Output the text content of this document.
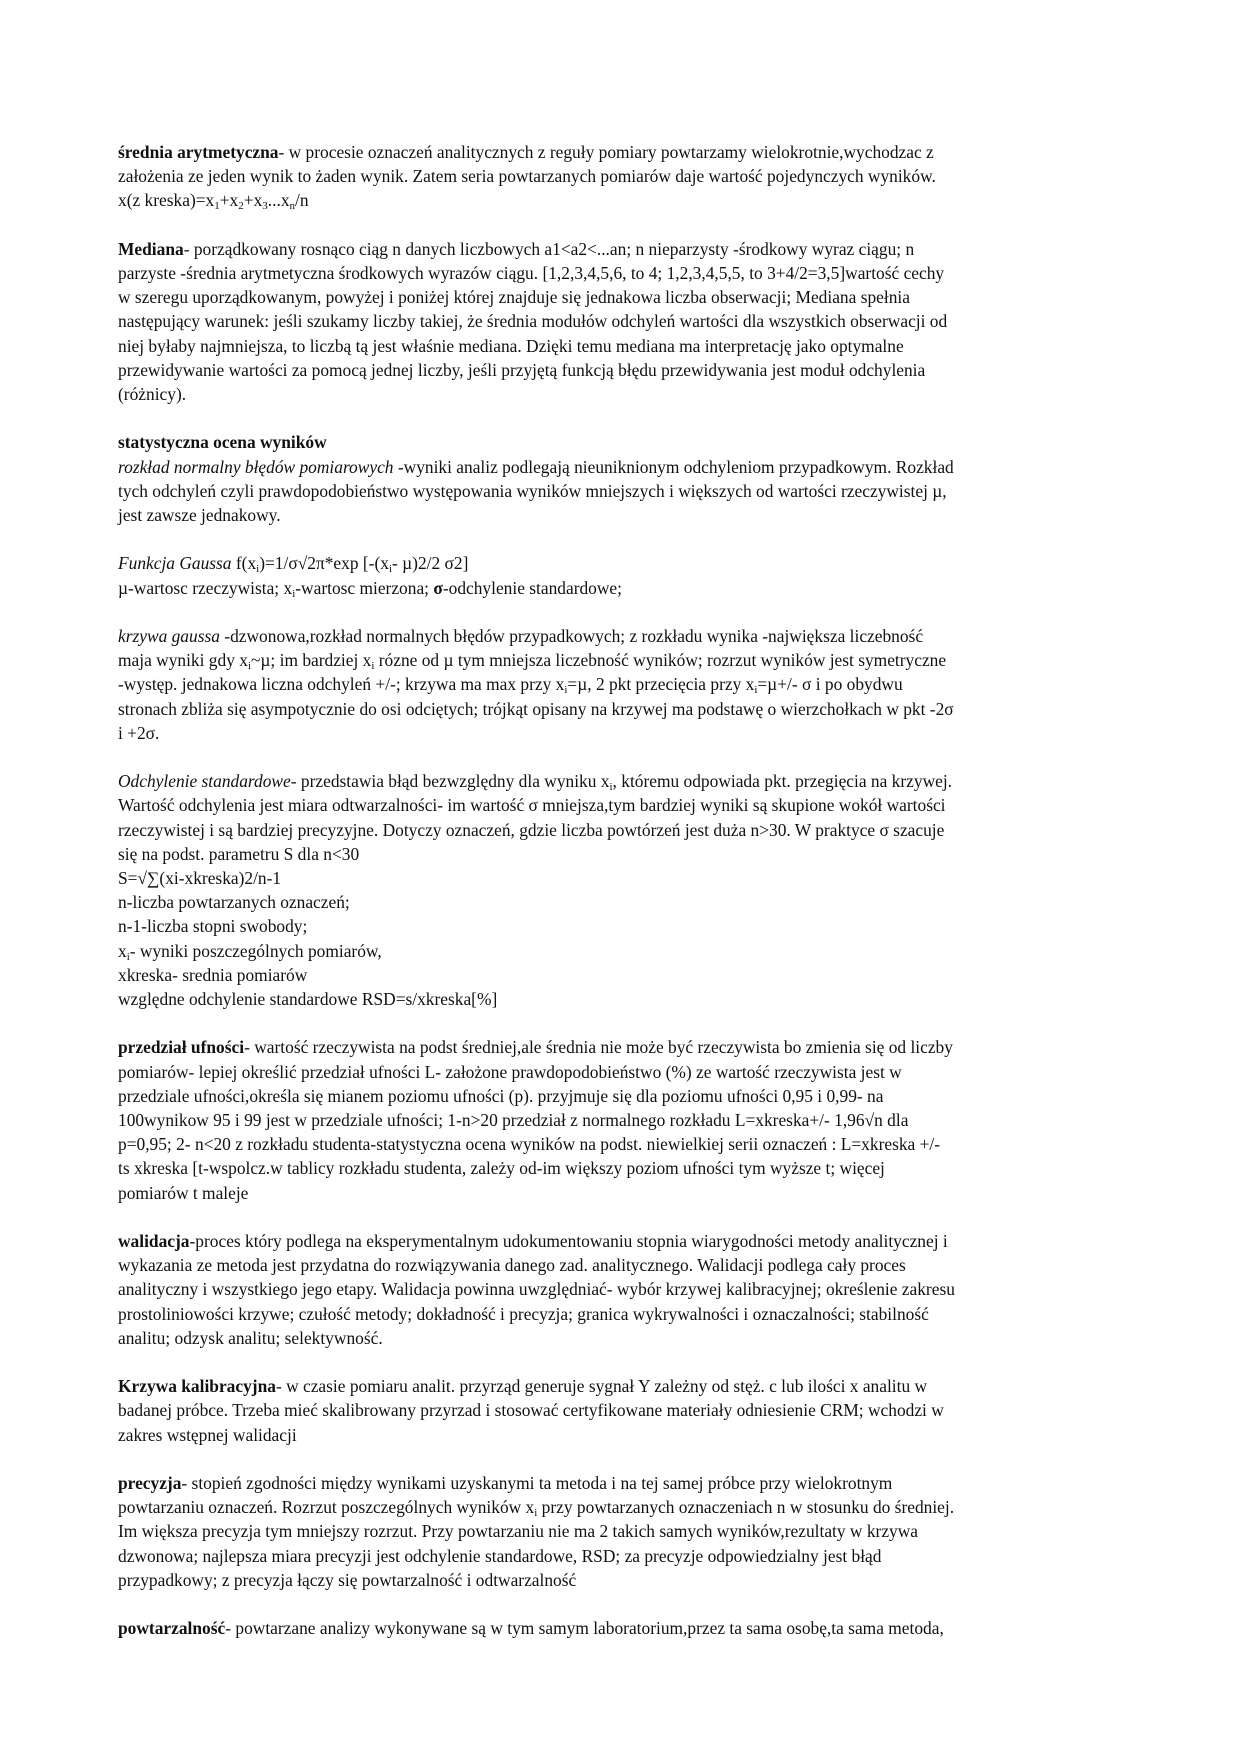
średnia arytmetyczna- w procesie oznaczeń analitycznych z reguły pomiary powtarzamy wielokrotnie,wychodzac z
założenia ze jeden wynik to żaden wynik. Zatem seria powtarzanych pomiarów daje wartość pojedynczych wyników.
x(z $kreska)=x_1+x_2+x_3...x_n/n$
Mediana- porządkowany rosnąco ciąg n danych liczbowych a1<a2<...an; n nieparzysty -środkowy wyraz ciągu; n
parzyste -średnia arytmetyczna środkowych wyrazów ciągu. [1,2,3,4,5,6, to 4; 1,2,3,4,5,5, to 3+4/2=3,5]wartość cechy
w szeregu uporządkowanym, powyżej i poniżej której znajduje się jednakowa liczba obserwacji; Mediana spełnia
następujący warunek: jeśli szukamy liczby takiej, że średnia modułów odchyleń wartości dla wszystkich obserwacji od
niej byłaby najmniejsza, to liczbą tą jest właśnie mediana. Dzięki temu mediana ma interpretację jako optymalne
przewidywanie wartości za pomocą jednej liczby, jeśli przyjętą funkcją błędu przewidywania jest moduł odchylenia
(różnicy).
statystyczna ocena wyników
rozkład normalny błędów pomiarowych -wyniki analiz podlegają nieuniknionym odchyleniom przypadkowym. Rozkład
tych odchyleń czyli prawdopodobieństwo występowania wyników mniejszych i większych od wartości rzeczywistej µ,
jest zawsze jednakowy.
Funkcja Gaussa $f(x_i)=1/\sigma√2\pi*\exp$ [$-(x_i-$ µ)2/2 σ2]
µ-wartosc rzeczywista; $x_i$-wartosc mierzona; σ-odchylenie standardowe;
krzywa gaussa -dzwonowa,rozkład normalnych błędów przypadkowych; z rozkładu wynika -największa liczebność
maja wyniki gdy $x_i\sim\mu$; im bardziej $x_i$ rózne od µ tym mniejsza liczebność wyników; rozrzut wyników jest symetryczne
-występ. jednakowa liczna odchyleń +/-; krzywa ma max przy $x_i=\mu$, 2 pkt przecięcia przy $x_i=\mu+/-$ σ i po obydwu
stronach zbliża się asympotycznie do osi odciętych; trójkąt opisany na krzywej ma podstawę o wierzchołkach w pkt -2σ
i +2σ.
Odchylenie standardowe- przedstawia błąd bezwzględny dla wyniku $x_i$, któremu odpowiada pkt. przegięcia na krzywej.
Wartość odchylenia jest miara odtwarzalności- im wartość σ mniejsza,tym bardziej wyniki są skupione wokół wartości
rzeczywistej i są bardziej precyzyjne. Dotyczy oznaczeń, gdzie liczba powtórzeń jest duża n>30. W praktyce σ szacuje
się na podst. parametru S dla n<30
S=√∑(xi-xkreska)2/n-1
n-liczba powtarzanych oznaczeń;
n-1-liczba stopni swobody;
$x_i-$ wyniki poszczególnych pomiarów,
xkreska- srednia pomiarów
względne odchylenie standardowe RSD=s/xkreska[%]
przedział ufności- wartość rzeczywista na podst średniej,ale średnia nie może być rzeczywista bo zmienia się od liczby
pomiarów- lepiej określić przedział ufności L- założone prawdopodobieństwo (%) ze wartość rzeczywista jest w
przedziale ufności,określa się mianem poziomu ufności (p). przyjmuje się dla poziomu ufności 0,95 i 0,99- na
100wynikow 95 i 99 jest w przedziale ufności; 1-n>20 przedział z normalnego rozkładu L=xkreska+/- 1,96√n dla
p=0,95; 2- n<20 z rozkładu studenta-statystyczna ocena wyników na podst. niewielkiej serii oznaczeń : L=xkreska +/-
ts xkreska [t-wspolcz.w tablicy rozkładu studenta, zależy od-im większy poziom ufności tym wyższe t; więcej
pomiarów t maleje
walidacja-proces który podlega na eksperymentalnym udokumentowaniu stopnia wiarygodności metody analitycznej i
wykazania ze metoda jest przydatna do rozwiązywania danego zad. analitycznego. Walidacji podlega cały proces
analityczny i wszystkiego jego etapy. Walidacja powinna uwzględniać- wybór krzywej kalibracyjnej; określenie zakresu
prostoliniowości krzywe; czułość metody; dokładność i precyzja; granica wykrywalności i oznaczalności; stabilność
analitu; odzysk analitu; selektywność.
Krzywa kalibracyjna- w czasie pomiaru analit. przyrząd generuje sygnał Y zależny od stęż. c lub ilości x analitu w
badanej próbce. Trzeba mieć skalibrowany przyrzad i stosować certyfikowane materiały odniesienie CRM; wchodzi w
zakres wstępnej walidacji
precyzja- stopień zgodności między wynikami uzyskanymi ta metoda i na tej samej próbce przy wielokrotnym
powtarzaniu oznaczeń. Rozrzut poszczególnych wyników $x_i$ przy powtarzanych oznaczeniach n w stosunku do średniej.
Im większa precyzja tym mniejszy rozrzut. Przy powtarzaniu nie ma 2 takich samych wyników,rezultaty w krzywa
dzwonowa; najlepsza miara precyzji jest odchylenie standardowe, RSD; za precyzje odpowiedzialny jest błąd
przypadkowy; z precyzja łączy się powtarzalność i odtwarzalność
powtarzalność- powtarzane analizy wykonywane są w tym samym laboratorium,przez ta sama osobę,ta sama metoda,
